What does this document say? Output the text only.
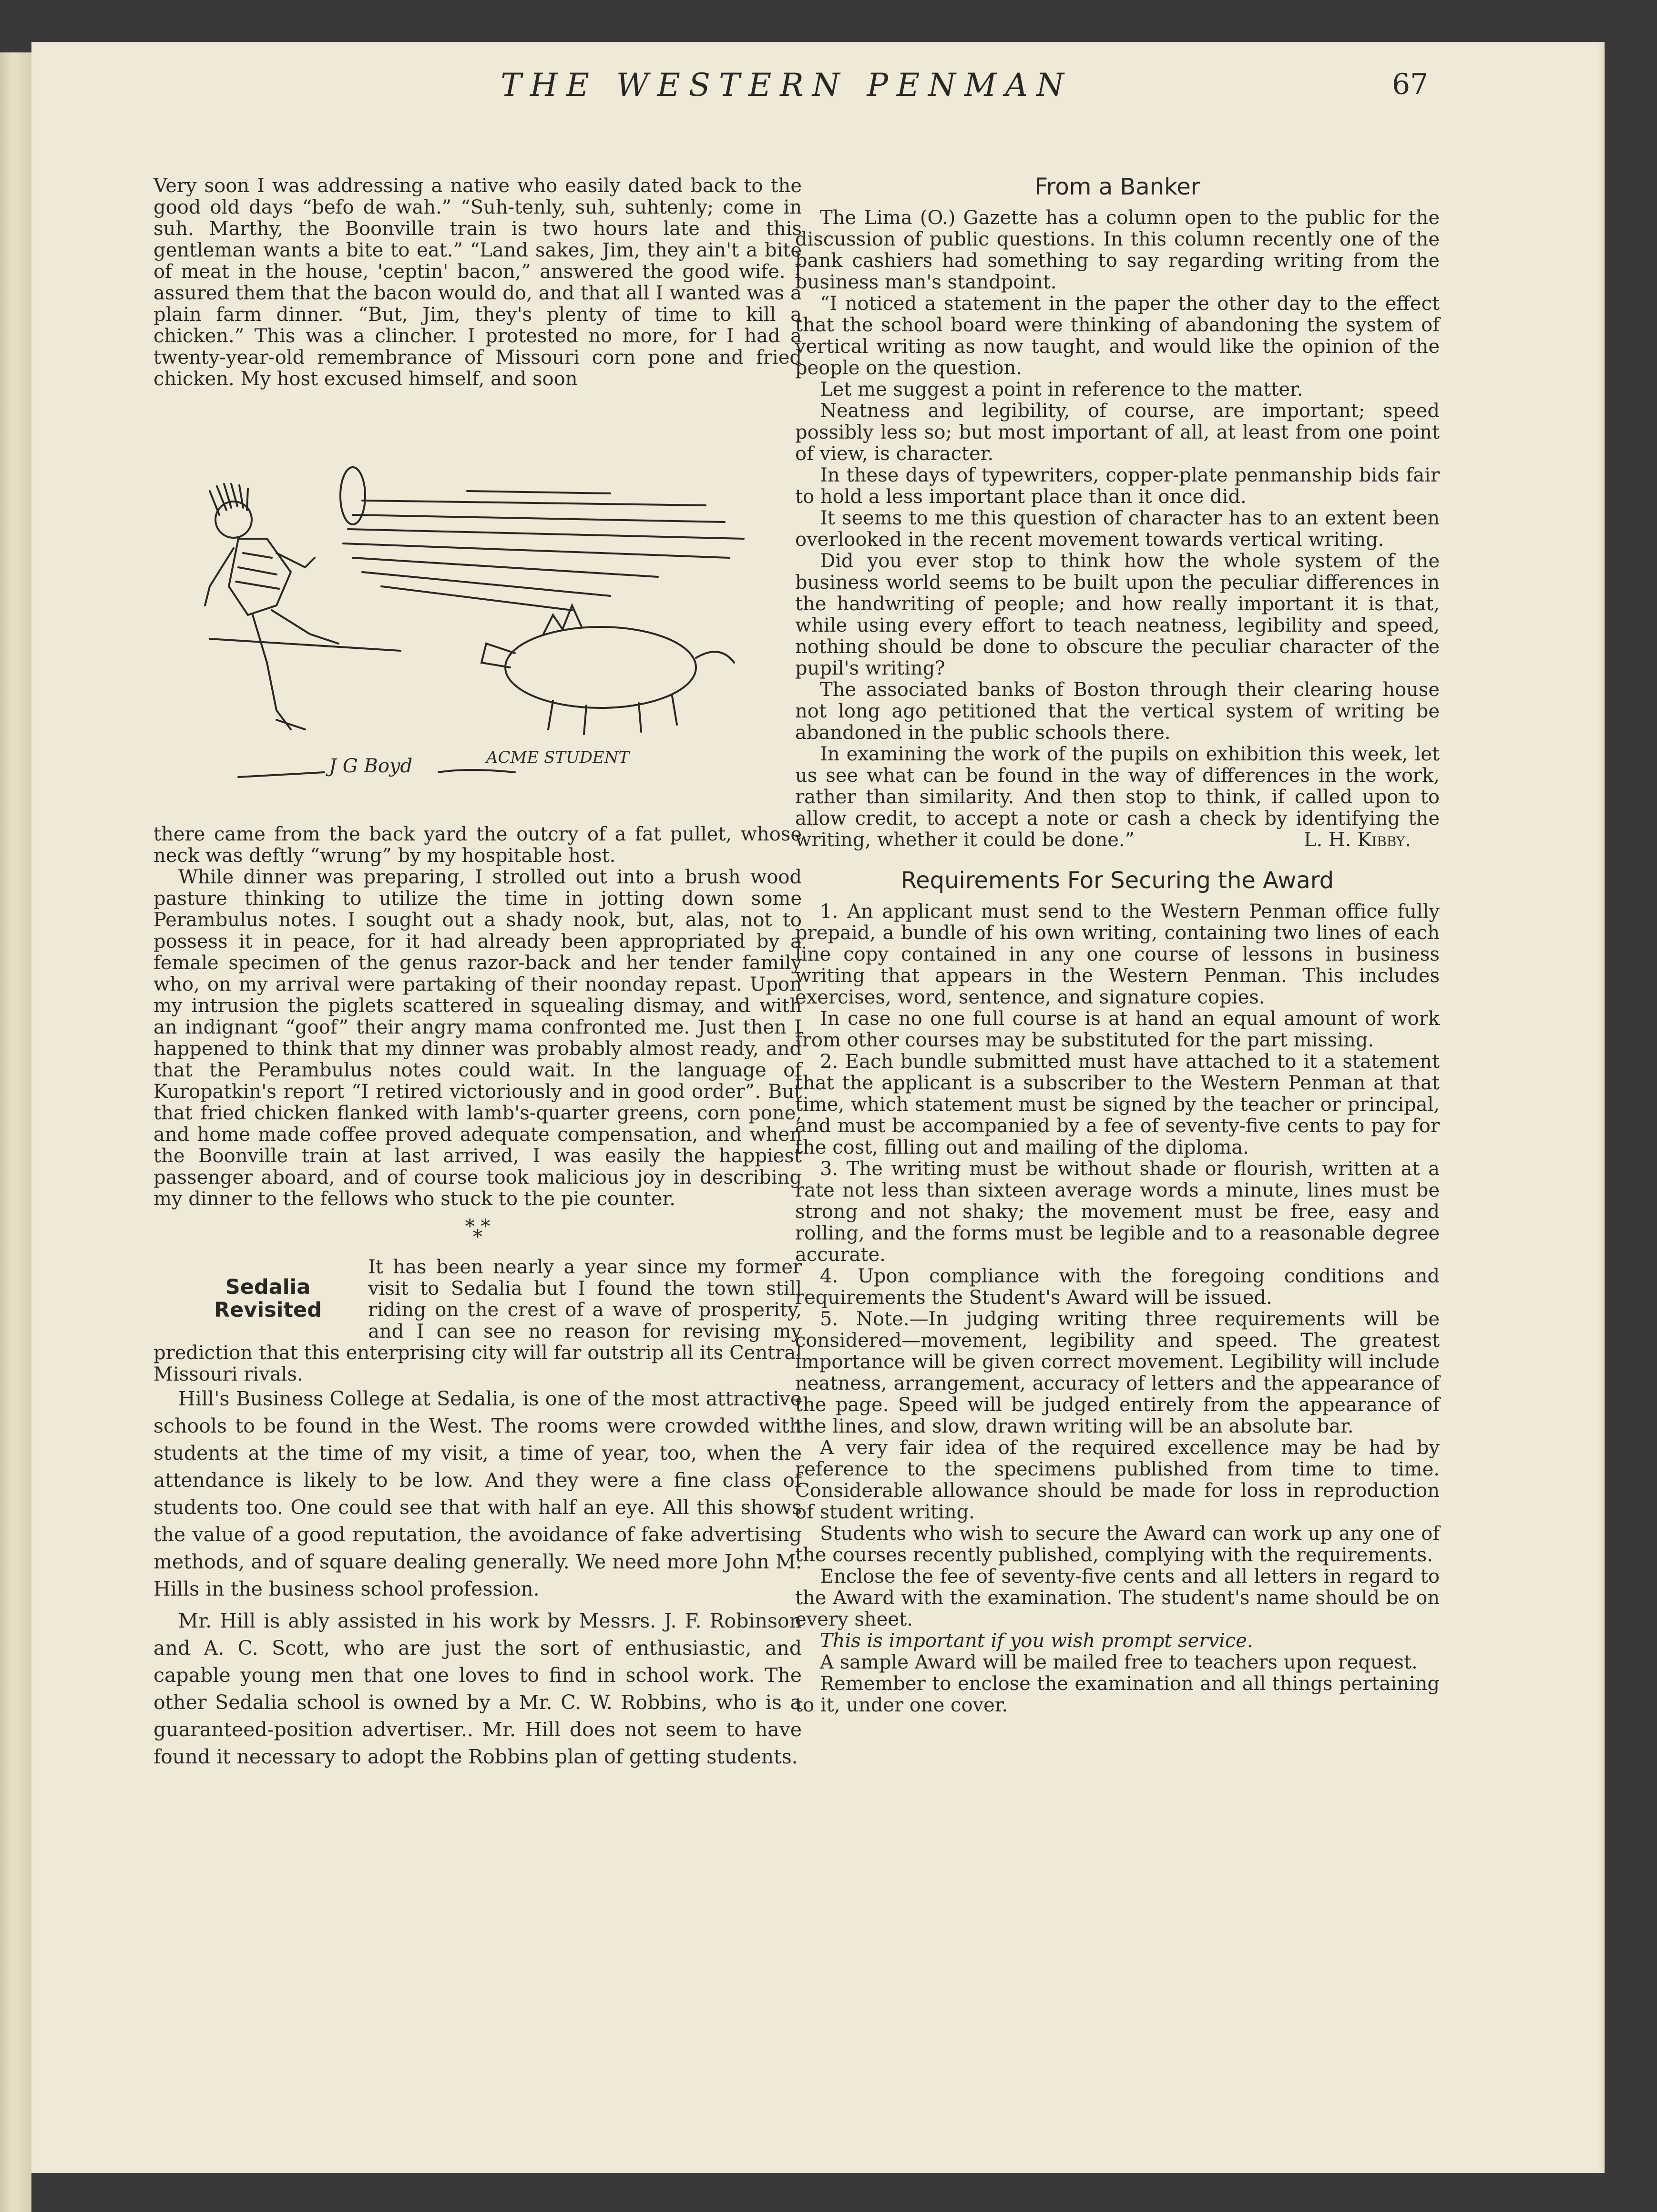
THE WESTERN PENMAN	67

Very soon I was addressing a native who easily dated back to the good old days “befo de wah.” “Suh-tenly, suh, suhtenly; come in suh. Marthy, the Boonville train is two hours late and this gentleman wants a bite to eat.” “Land sakes, Jim, they ain't a bite of meat in the house, 'ceptin' bacon,” answered the good wife. I assured them that the bacon would do, and that all I wanted was a plain farm dinner. “But, Jim, they's plenty of time to kill a chicken.” This was a clincher. I protested no more, for I had a twenty-year-old remembrance of Missouri corn pone and fried chicken. My host excused himself, and soon

J G Boyd	ACME STUDENT

there came from the back yard the outcry of a fat pullet, whose neck was deftly “wrung” by my hospitable host.

While dinner was preparing, I strolled out into a brush wood pasture thinking to utilize the time in jotting down some Perambulus notes. I sought out a shady nook, but, alas, not to possess it in peace, for it had already been appropriated by a female specimen of the genus razor-back and her tender family who, on my arrival were partaking of their noonday repast. Upon my intrusion the piglets scattered in squealing dismay, and with an indignant “goof” their angry mama confronted me. Just then I happened to think that my dinner was probably almost ready, and that the Perambulus notes could wait. In the language of Kuropatkin's report “I retired victoriously and in good order”. But that fried chicken flanked with lamb's-quarter greens, corn pone, and home made coffee proved adequate compensation, and when the Boonville train at last arrived, I was easily the happiest passenger aboard, and of course took malicious joy in describing my dinner to the fellows who stuck to the pie counter.

* *
*
Sedalia
Revisited

It has been nearly a year since my former visit to Sedalia but I found the town still riding on the crest of a wave of prosperity, and I can see no reason for revising my prediction that this enterprising city will far outstrip all its Central Missouri rivals.

Hill's Business College at Sedalia, is one of the most attractive schools to be found in the West. The rooms were crowded with students at the time of my visit, a time of year, too, when the attendance is likely to be low. And they were a fine class of students too. One could see that with half an eye. All this shows the value of a good reputation, the avoidance of fake advertising methods, and of square dealing generally. We need more John M. Hills in the business school profession.

Mr. Hill is ably assisted in his work by Messrs. J. F. Robinson and A. C. Scott, who are just the sort of enthusiastic, and capable young men that one loves to find in school work. The other Sedalia school is owned by a Mr. C. W. Robbins, who is a guaranteed-position advertiser.. Mr. Hill does not seem to have found it necessary to adopt the Robbins plan of getting students.

From a Banker

The Lima (O.) Gazette has a column open to the public for the discussion of public questions. In this column recently one of the bank cashiers had something to say regarding writing from the business man's standpoint.

“I noticed a statement in the paper the other day to the effect that the school board were thinking of abandoning the system of vertical writing as now taught, and would like the opinion of the people on the question.

Let me suggest a point in reference to the matter.

Neatness and legibility, of course, are important; speed possibly less so; but most important of all, at least from one point of view, is character.

In these days of typewriters, copper-plate penmanship bids fair to hold a less important place than it once did.

It seems to me this question of character has to an extent been overlooked in the recent movement towards vertical writing.

Did you ever stop to think how the whole system of the business world seems to be built upon the peculiar differences in the handwriting of people; and how really important it is that, while using every effort to teach neatness, legibility and speed, nothing should be done to obscure the peculiar character of the pupil's writing?

The associated banks of Boston through their clearing house not long ago petitioned that the vertical system of writing be abandoned in the public schools there.

In examining the work of the pupils on exhibition this week, let us see what can be found in the way of differences in the work, rather than similarity. And then stop to think, if called upon to allow credit, to accept a note or cash a check by identifying the writing, whether it could be done.”	L. H. Kibby.

Requirements For Securing the Award

1. An applicant must send to the Western Penman office fully prepaid, a bundle of his own writing, containing two lines of each line copy contained in any one course of lessons in business writing that appears in the Western Penman. This includes exercises, word, sentence, and signature copies.

In case no one full course is at hand an equal amount of work from other courses may be substituted for the part missing.

2. Each bundle submitted must have attached to it a statement that the applicant is a subscriber to the Western Penman at that time, which statement must be signed by the teacher or principal, and must be accompanied by a fee of seventy-five cents to pay for the cost, filling out and mailing of the diploma.

3. The writing must be without shade or flourish, written at a rate not less than sixteen average words a minute, lines must be strong and not shaky; the movement must be free, easy and rolling, and the forms must be legible and to a reasonable degree accurate.

4. Upon compliance with the foregoing conditions and requirements the Student's Award will be issued.

5. Note.—In judging writing three requirements will be considered—movement, legibility and speed. The greatest importance will be given correct movement. Legibility will include neatness, arrangement, accuracy of letters and the appearance of the page. Speed will be judged entirely from the appearance of the lines, and slow, drawn writing will be an absolute bar.

A very fair idea of the required excellence may be had by reference to the specimens published from time to time. Considerable allowance should be made for loss in reproduction of student writing.

Students who wish to secure the Award can work up any one of the courses recently published, complying with the requirements.

Enclose the fee of seventy-five cents and all letters in regard to the Award with the examination. The student's name should be on every sheet.

This is important if you wish prompt service.

A sample Award will be mailed free to teachers upon request.

Remember to enclose the examination and all things pertaining to it, under one cover.
